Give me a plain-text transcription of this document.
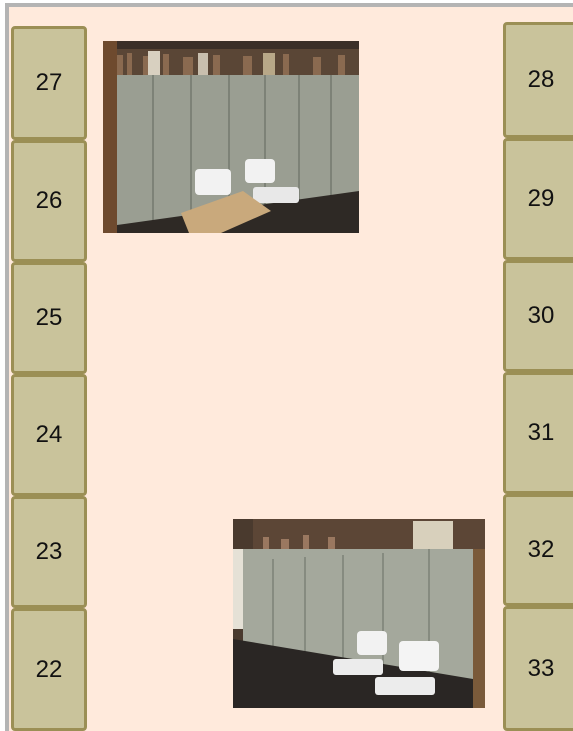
27
26
25
24
23
22
28
29
30
31
32
33
